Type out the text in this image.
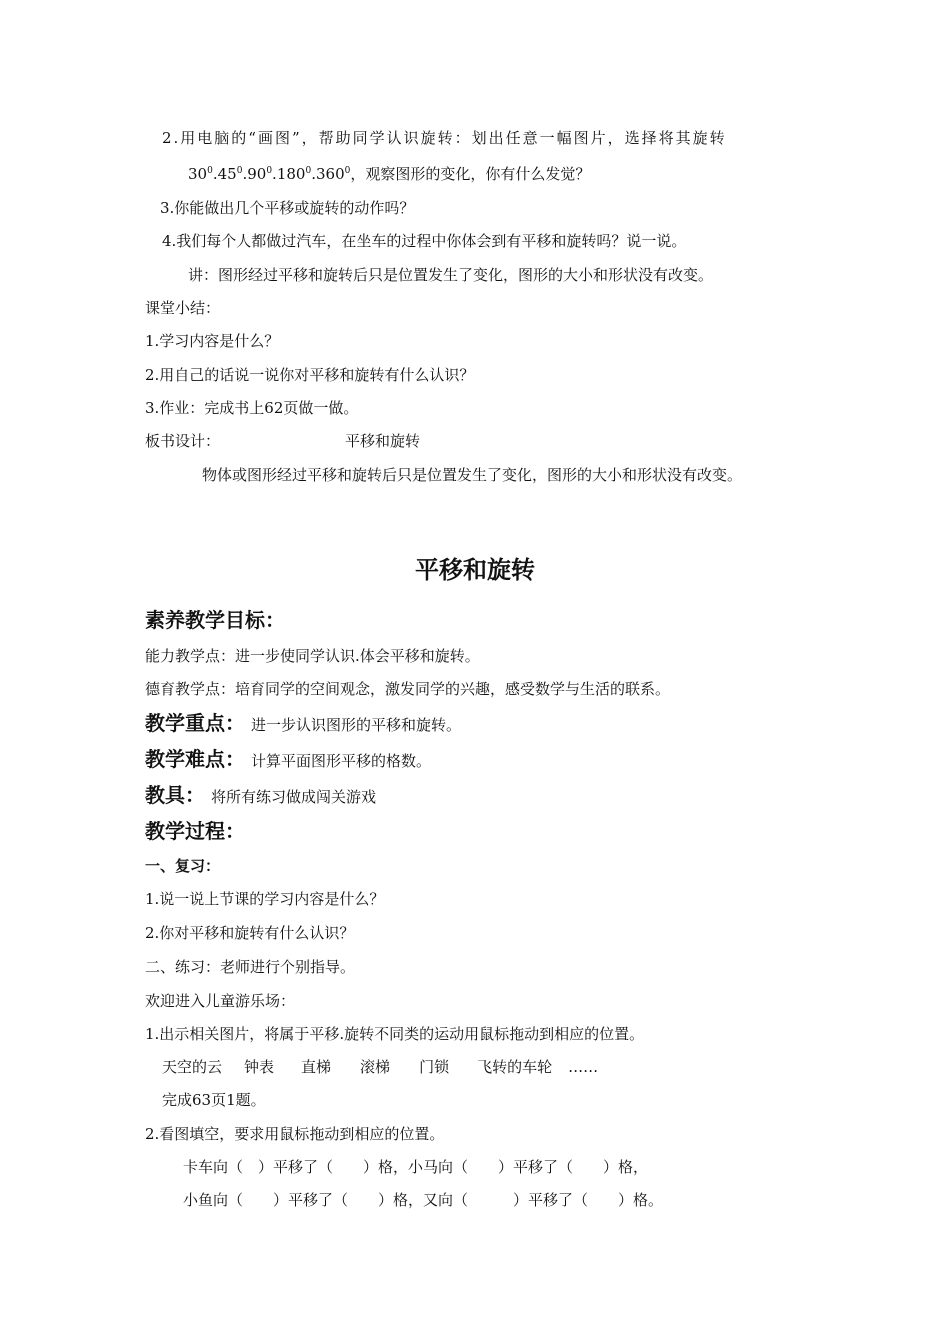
2.用电脑的“画图”，帮助同学认识旋转：划出任意一幅图片，选择将其旋转
$30^0.45^0.90^0.180^0.360^0$，观察图形的变化，你有什么发觉？
3.你能做出几个平移或旋转的动作吗？
4.我们每个人都做过汽车，在坐车的过程中你体会到有平移和旋转吗？说一说。
讲：图形经过平移和旋转后只是位置发生了变化，图形的大小和形状没有改变。
课堂小结：
1.学习内容是什么？
2.用自己的话说一说你对平移和旋转有什么认识？
3.作业：完成书上62页做一做。
板书设计：	平移和旋转
物体或图形经过平移和旋转后只是位置发生了变化，图形的大小和形状没有改变。
平移和旋转
素养教学目标：
能力教学点：进一步使同学认识.体会平移和旋转。
德育教学点：培育同学的空间观念，激发同学的兴趣，感受数学与生活的联系。
教学重点： 进一步认识图形的平移和旋转。
教学难点： 计算平面图形平移的格数。
教具： 将所有练习做成闯关游戏
教学过程：
一、复习：
1.说一说上节课的学习内容是什么？
2.你对平移和旋转有什么认识？
二、练习：老师进行个别指导。
欢迎进入儿童游乐场：
1.出示相关图片，将属于平移.旋转不同类的运动用鼠标拖动到相应的位置。
天空的云 钟表 直梯 滚梯 门锁 飞转的车轮 ……
完成63页1题。
2.看图填空，要求用鼠标拖动到相应的位置。
卡车向（　）平移了（　　）格，小马向（　　）平移了（　　）格，
小鱼向（　　）平移了（　　）格，又向（　　　）平移了（　　）格。
